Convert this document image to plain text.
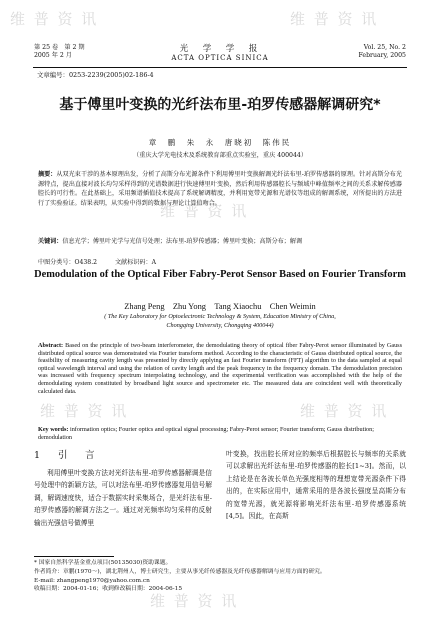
维 普 资 讯	维 普 资 讯
维 普 资 讯
维 普 资 讯	维 普 资 讯
维 普 资 讯
第 25 卷　第 2 期
2005 年 2 月
光　学　学　报
ACTA OPTICA SINICA
Vol. 25, No. 2
February, 2005
文章编号：0253-2239(2005)02-186-4
基于傅里叶变换的光纤法布里-珀罗传感器解调研究*
章　鹏　朱　永　唐晓初　陈伟民
（重庆大学光电技术及系统教育部重点实验室，重庆 400044）
摘要：从双光束干涉的基本原理出发，分析了高斯分布光源条件下利用傅里叶变换解调光纤法布里-珀罗传感器的原理。针对高斯分布光源特点，提出直接对波长均匀采样得到的光谱数据进行快速傅里叶变换，然后利用传感器腔长与频域中峰值频率之间的关系求解传感器腔长的可行性。在此基础上，采用频谱插值技术提高了系统解调精度，并利用宽带光源和光谱仪等组成的解调系统，对所提出的方法进行了实验验证。结果表明，从实验中得到的数据与理论计算值吻合。
关键词：信息光学；傅里叶光学与光信号处理；法布里-珀罗传感器；傅里叶变换；高斯分布；解调
中图分类号：O438.2	文献标识码：A
Demodulation of the Optical Fiber Fabry-Perot Sensor Based on Fourier Transform
Zhang Peng　Zhu Yong　Tang Xiaochu　Chen Weimin
( The Key Laboratory for Optoelectronic Technology & System, Education Ministry of China,
Chongqing University, Chongqing 400044)
Abstract: Based on the principle of two-beam interferometer, the demodulating theory of optical fiber Fabry-Perot sensor illuminated by Gauss distributed optical source was demonstrated via Fourier transform method. According to the characteristic of Gauss distributed optical source, the feasibility of measuring cavity length was presented by directly applying an fast Fourier transform (FFT) algorithm to the data sampled at equal optical wavelength interval and using the relation of cavity length and the peak frequency in the frequency domain. The demodulation precision was increased with frequency spectrum interpolating technology, and the experimental verification was accomplished with the help of the demodulating system constituted by broadband light source and spectrometer etc. The measured data are coincident well with theoretically calculated data.
Key words: information optics; Fourier optics and optical signal processing; Fabry-Perot sensor; Fourier transform; Gauss distribution; demodulation
1 引　言

利用傅里叶变换方法对光纤法布里-珀罗传感器解调是信号处理中的新颖方法，可以对法布里-珀罗传感器复用信号解调，解调速度快，适合于数据实时采集场合，是光纤法布里-珀罗传感器的解调方法之一。通过对光频率均匀采样的反射输出光强信号做傅里

叶变换，找出腔长所对应的频率后根据腔长与频率的关系就可以求解出光纤法布里-珀罗传感器的腔长[1~3]。然而，以上结论是在各波长单色光强度相等的理想宽带光源条件下得出的，在实际应用中，通常采用的是各波长强度呈高斯分布的宽带光源，就光源将影响光纤法布里-珀罗传感器系统[4,5]。因此，在高斯

* 国家自然科学基金重点项目(50135030)资助课题。
作者简介：章鹏(1970～)，湖北荆州人，博士研究生，主要从事光纤传感器及光纤传感器解调与应用方面的研究。
E-mail: zhangpeng1970@yahoo.com.cn
收稿日期：2004-01-16；收到修改稿日期：2004-06-15
